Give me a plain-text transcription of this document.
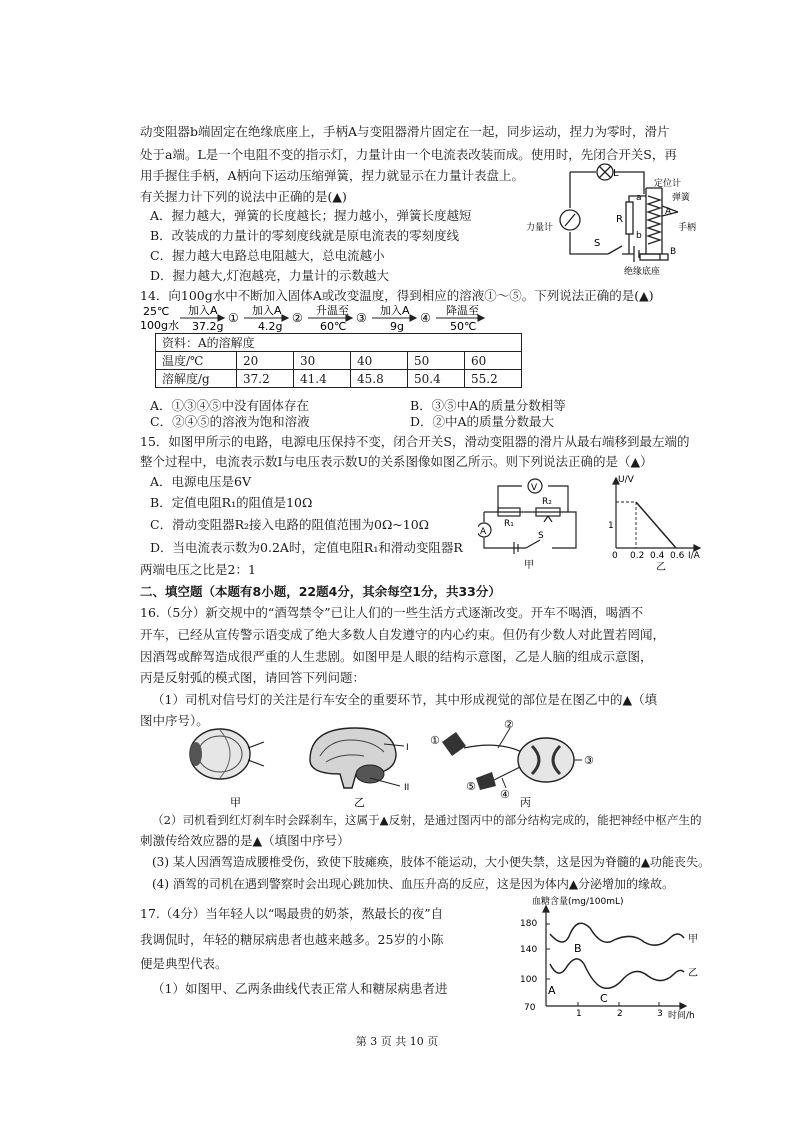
动变阻器b端固定在绝缘底座上，手柄A与变阻器滑片固定在一起，同步运动，捏力为零时，滑片
处于a端。L是一个电阻不变的指示灯，力量计由一个电流表改装而成。使用时，先闭合开关S，再
用手握住手柄，A柄向下运动压缩弹簧，捏力就显示在力量计表盘上。
有关握力计下列的说法中正确的是(▲)
A．握力越大，弹簧的长度越长；握力越小，弹簧长度越短
B．改装成的力量计的零刻度线就是原电流表的零刻度线
C．握力越大电路总电阻越大，总电流越小
D．握力越大,灯泡越亮，力量计的示数越大
L
定位计
弹簧
A
a
R
b
力量计
S
手柄
B
绝缘底座
14．向100g水中不断加入固体A或改变温度，得到相应的溶液①～⑤。下列说法正确的是(▲)
25℃
100g水
加入A
37.2g
①
加入A
4.2g
②
升温至
60℃
③
加入A
9g
④
降温至
50℃
资料：A的溶解度					
温度/℃	20	30	40	50	60
溶解度/g	37.2	41.4	45.8	50.4	55.2
A．①③④⑤中没有固体存在	B．③⑤中A的质量分数相等
C．②④⑤的溶液为饱和溶液	D．②中A的质量分数最大
15．如图甲所示的电路，电源电压保持不变，闭合开关S，滑动变阻器的滑片从最右端移到最左端的
整个过程中，电流表示数I与电压表示数U的关系图像如图乙所示。则下列说法正确的是（▲）
A．电源电压是6V
B．定值电阻R₁的阻值是10Ω
C．滑动变阻器R₂接入电路的阻值范围为0Ω~10Ω
D．当电流表示数为0.2A时，定值电阻R₁和滑动变阻器R
两端电压之比是2：1
V
A
R₁
R₂
S
甲
U/V
1
0 0.2 0.4 0.6 I/A
乙
二、填空题（本题有8小题，22题4分，其余每空1分，共33分）
16.（5分）新交规中的“酒驾禁令”已让人们的一些生活方式逐渐改变。开车不喝酒，喝酒不
开车，已经从宣传警示语变成了绝大多数人自发遵守的内心约束。但仍有少数人对此置若罔闻，
因酒驾或醉驾造成很严重的人生悲剧。如图甲是人眼的结构示意图，乙是人脑的组成示意图，
丙是反射弧的模式图，请回答下列问题：
（1）司机对信号灯的关注是行车安全的重要环节，其中形成视觉的部位是在图乙中的▲（填
图中序号）。
I
II
①
②
③
④
⑤
甲	乙	丙
（2）司机看到红灯刹车时会踩刹车，这属于▲反射，是通过图丙中的部分结构完成的，能把神经中枢产生的
刺激传给效应器的是▲（填图中序号）
(3) 某人因酒驾造成腰椎受伤，致使下肢瘫痪，肢体不能运动，大小便失禁，这是因为脊髓的▲功能丧失。
(4) 酒驾的司机在遇到警察时会出现心跳加快、血压升高的反应，这是因为体内▲分泌增加的缘故。
17.（4分）当年轻人以“喝最贵的奶茶，熬最长的夜”自
我调侃时，年轻的糖尿病患者也越来越多。25岁的小陈
便是典型代表。
（1）如图甲、乙两条曲线代表正常人和糖尿病患者进
血糖含量(mg/100mL)
180
140
100
70
1	2	3 时间/h
A
B
C
甲
乙
第 3 页 共 10 页
